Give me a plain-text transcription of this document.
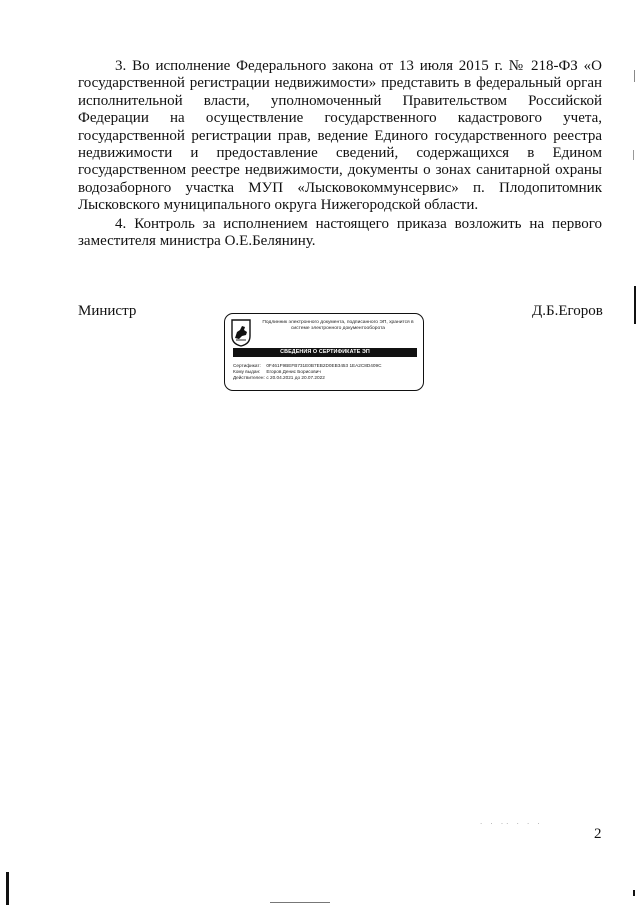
3. Во исполнение Федерального закона от 13 июля 2015 г. № 218-ФЗ «О государственной регистрации недвижимости» представить в федеральный орган исполнительной власти, уполномоченный Правительством Российской Федерации на осуществление государственного кадастрового учета, государственной регистрации прав, ведение Единого государственного реестра недвижимости и предоставление сведений, содержащихся в Едином государственном реестре недвижимости, документы о зонах санитарной охраны водозаборного участка МУП «Лысковокоммунсервис» п. Плодопитомник Лысковского муниципального округа Нижегородской области.

4. Контроль за исполнением настоящего приказа возложить на первого заместителя министра О.Е.Белянину.

Министр	Д.Б.Егоров
Подлинник электронного документа, подписанного ЭП, хранится в системе электронного документооборота
СВЕДЕНИЯ О СЕРТИФИКАТЕ ЭП
Сертификат: 0F461F9BEFB731E0B7EB2D0EB3453 1EA2C8D409C
Кому выдан: Егоров Денис Борисович
Действителен: с 20.04.2021 до 20.07.2022
2
· · ·· · · ·
